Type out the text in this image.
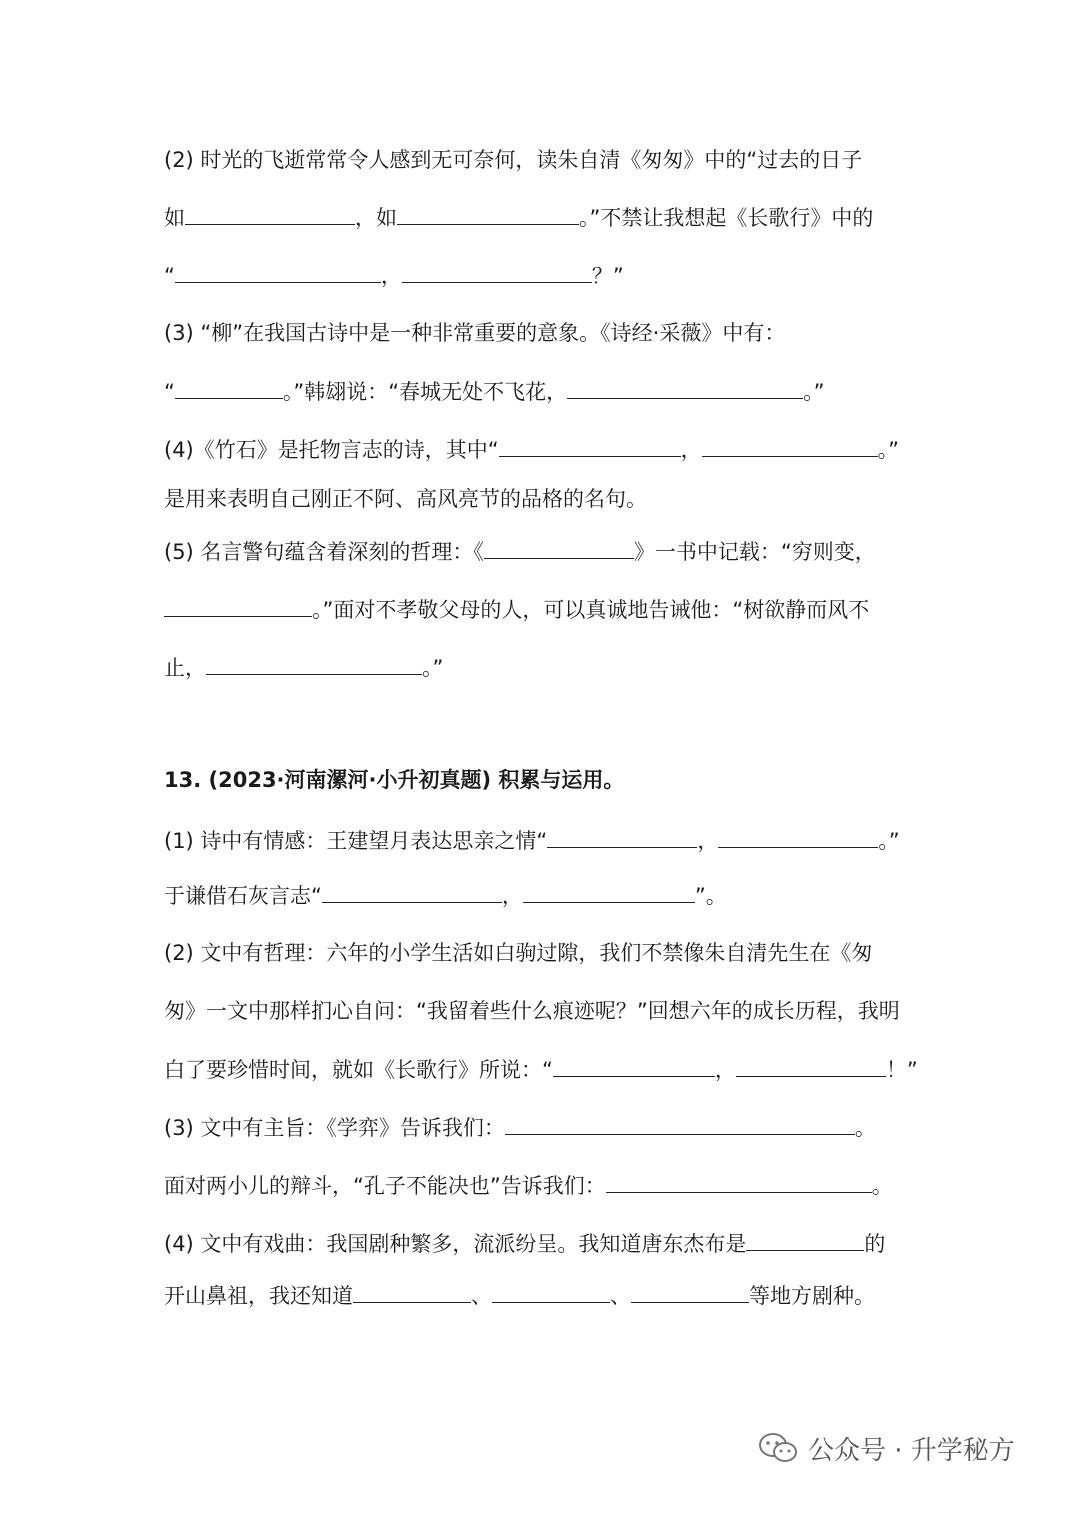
(2) 时光的飞逝常常令人感到无可奈何，读朱自清《匆匆》中的“过去的日子
如	，如	。”不禁让我想起《长歌行》中的
“	，	？”
(3) “柳”在我国古诗中是一种非常重要的意象。《诗经·采薇》中有：
“	。”韩翃说：“春城无处不飞花，	。”
(4)《竹石》是托物言志的诗，其中“	，	。”
是用来表明自己刚正不阿、高风亮节的品格的名句。
(5) 名言警句蕴含着深刻的哲理：《	》一书中记载：“穷则变，
。”面对不孝敬父母的人，可以真诚地告诫他：“树欲静而风不
止，	。”
13. (2023·河南漯河·小升初真题) 积累与运用。
(1) 诗中有情感：王建望月表达思亲之情“	，	。”
于谦借石灰言志“	，	”。
(2) 文中有哲理：六年的小学生活如白驹过隙，我们不禁像朱自清先生在《匆
匆》一文中那样扪心自问：“我留着些什么痕迹呢？”回想六年的成长历程，我明
白了要珍惜时间，就如《长歌行》所说：“	，	！”
(3) 文中有主旨：《学弈》告诉我们：	。
面对两小儿的辩斗，“孔子不能决也”告诉我们：	。
(4) 文中有戏曲：我国剧种繁多，流派纷呈。我知道唐东杰布是	的
开山鼻祖，我还知道	、	、	等地方剧种。
公众号 · 升学秘方
